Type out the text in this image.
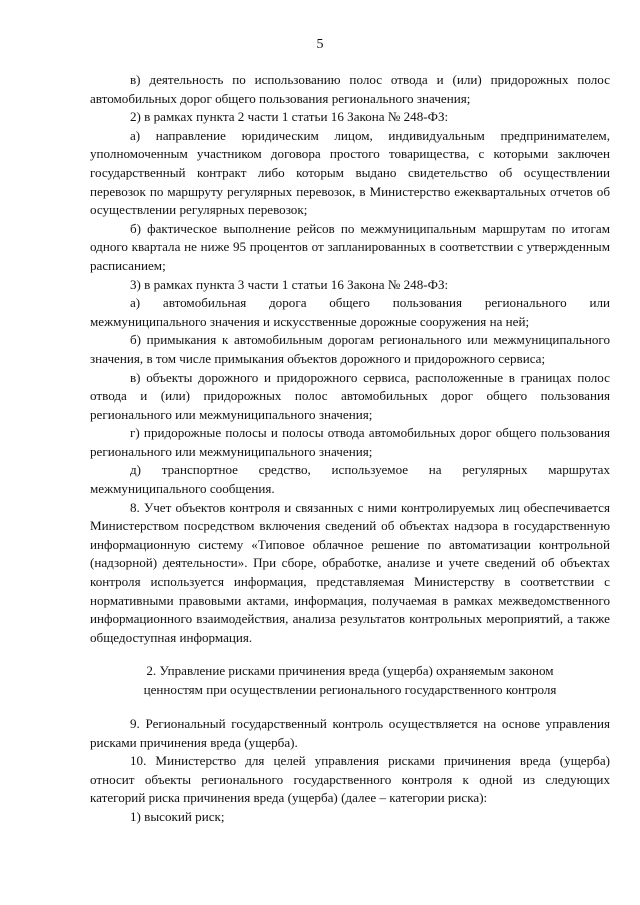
5

в) деятельность по использованию полос отвода и (или) придорожных полос автомобильных дорог общего пользования регионального значения;

2) в рамках пункта 2 части 1 статьи 16 Закона № 248-ФЗ:

а) направление юридическим лицом, индивидуальным предпринимателем, уполномоченным участником договора простого товарищества, с которыми заключен государственный контракт либо которым выдано свидетельство об осуществлении перевозок по маршруту регулярных перевозок, в Министерство ежеквартальных отчетов об осуществлении регулярных перевозок;

б) фактическое выполнение рейсов по межмуниципальным маршрутам по итогам одного квартала не ниже 95 процентов от запланированных в соответствии с утвержденным расписанием;

3) в рамках пункта 3 части 1 статьи 16 Закона № 248-ФЗ:

а) автомобильная дорога общего пользования регионального или межмуниципального значения и искусственные дорожные сооружения на ней;

б) примыкания к автомобильным дорогам регионального или межмуниципального значения, в том числе примыкания объектов дорожного и придорожного сервиса;

в) объекты дорожного и придорожного сервиса, расположенные в границах полос отвода и (или) придорожных полос автомобильных дорог общего пользования регионального или межмуниципального значения;

г) придорожные полосы и полосы отвода автомобильных дорог общего пользования регионального или межмуниципального значения;

д) транспортное средство, используемое на регулярных маршрутах межмуниципального сообщения.

8. Учет объектов контроля и связанных с ними контролируемых лиц обеспечивается Министерством посредством включения сведений об объектах надзора в государственную информационную систему «Типовое облачное решение по автоматизации контрольной (надзорной) деятельности». При сборе, обработке, анализе и учете сведений об объектах контроля используется информация, представляемая Министерству в соответствии с нормативными правовыми актами, информация, получаемая в рамках межведомственного информационного взаимодействия, анализа результатов контрольных мероприятий, а также общедоступная информация.

2. Управление рисками причинения вреда (ущерба) охраняемым законом

ценностям при осуществлении регионального государственного контроля

9. Региональный государственный контроль осуществляется на основе управления рисками причинения вреда (ущерба).

10. Министерство для целей управления рисками причинения вреда (ущерба) относит объекты регионального государственного контроля к одной из следующих категорий риска причинения вреда (ущерба) (далее – категории риска):

1) высокий риск;
